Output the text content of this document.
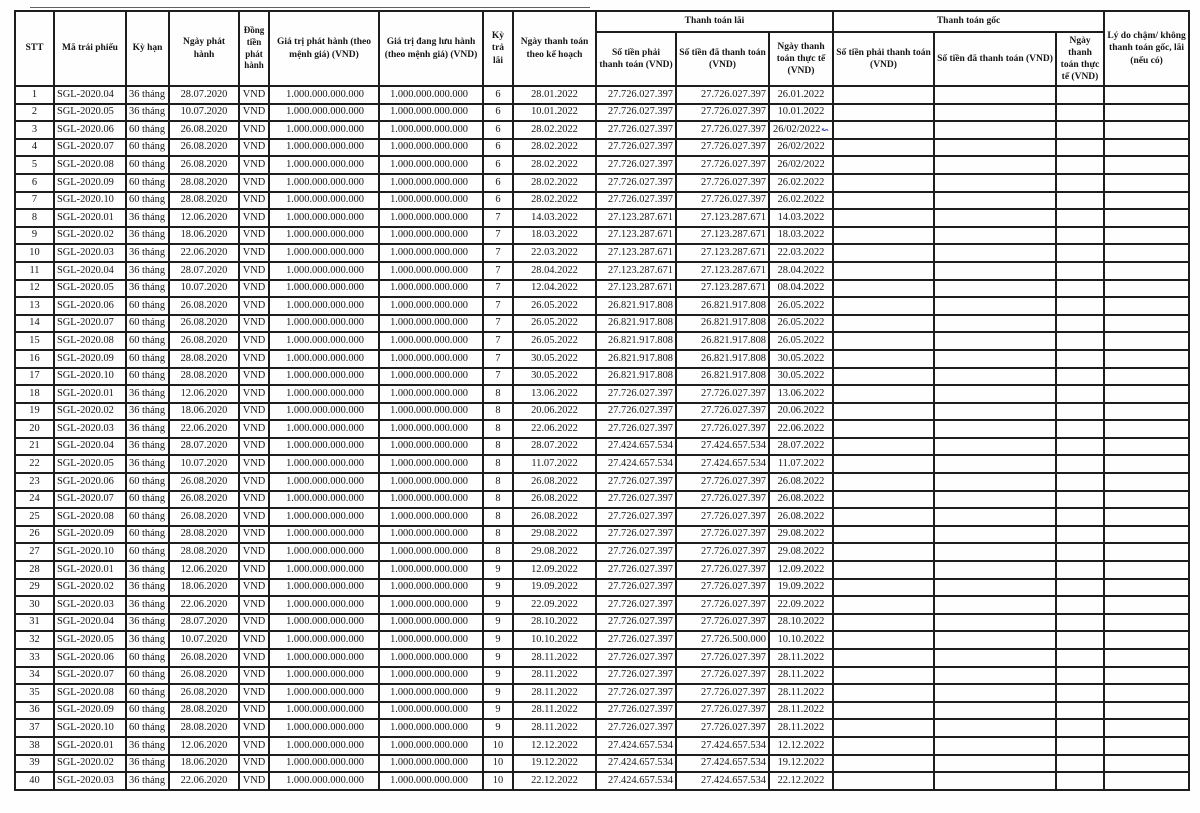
STT	Mã trái phiếu	Kỳ hạn	Ngày phát hành	Đồng tiền phát hành	Giá trị phát hành (theo mệnh giá) (VND)	Giá trị đang lưu hành (theo mệnh giá) (VND)	Kỳ trả lãi	Ngày thanh toán theo kế hoạch	Thanh toán lãi			Thanh toán gốc			Lý do chậm/ không thanh toán gốc, lãi (nếu có)
									Số tiền phải thanh toán (VND)	Số tiền đã thanh toán (VND)	Ngày thanh toán thực tế (VND)	Số tiền phải thanh toán (VND)	Số tiền đã thanh toán (VND)	Ngày thanh toán thực tế (VND)	
1	SGL-2020.04	36 tháng	28.07.2020	VND	1.000.000.000.000	1.000.000.000.000	6	28.01.2022	27.726.027.397	27.726.027.397	26.01.2022				
2	SGL-2020.05	36 tháng	10.07.2020	VND	1.000.000.000.000	1.000.000.000.000	6	10.01.2022	27.726.027.397	27.726.027.397	10.01.2022				
3	SGL-2020.06	60 tháng	26.08.2020	VND	1.000.000.000.000	1.000.000.000.000	6	28.02.2022	27.726.027.397	27.726.027.397	26/02/2022↜				
4	SGL-2020.07	60 tháng	26.08.2020	VND	1.000.000.000.000	1.000.000.000.000	6	28.02.2022	27.726.027.397	27.726.027.397	26/02/2022				
5	SGL-2020.08	60 tháng	26.08.2020	VND	1.000.000.000.000	1.000.000.000.000	6	28.02.2022	27.726.027.397	27.726.027.397	26/02/2022				
6	SGL-2020.09	60 tháng	28.08.2020	VND	1.000.000.000.000	1.000.000.000.000	6	28.02.2022	27.726.027.397	27.726.027.397	26.02.2022				
7	SGL-2020.10	60 tháng	28.08.2020	VND	1.000.000.000.000	1.000.000.000.000	6	28.02.2022	27.726.027.397	27.726.027.397	26.02.2022				
8	SGL-2020.01	36 tháng	12.06.2020	VND	1.000.000.000.000	1.000.000.000.000	7	14.03.2022	27.123.287.671	27.123.287.671	14.03.2022				
9	SGL-2020.02	36 tháng	18.06.2020	VND	1.000.000.000.000	1.000.000.000.000	7	18.03.2022	27.123.287.671	27.123.287.671	18.03.2022				
10	SGL-2020.03	36 tháng	22.06.2020	VND	1.000.000.000.000	1.000.000.000.000	7	22.03.2022	27.123.287.671	27.123.287.671	22.03.2022				
11	SGL-2020.04	36 tháng	28.07.2020	VND	1.000.000.000.000	1.000.000.000.000	7	28.04.2022	27.123.287.671	27.123.287.671	28.04.2022				
12	SGL-2020.05	36 tháng	10.07.2020	VND	1.000.000.000.000	1.000.000.000.000	7	12.04.2022	27.123.287.671	27.123.287.671	08.04.2022				
13	SGL-2020.06	60 tháng	26.08.2020	VND	1.000.000.000.000	1.000.000.000.000	7	26.05.2022	26.821.917.808	26.821.917.808	26.05.2022				
14	SGL-2020.07	60 tháng	26.08.2020	VND	1.000.000.000.000	1.000.000.000.000	7	26.05.2022	26.821.917.808	26.821.917.808	26.05.2022				
15	SGL-2020.08	60 tháng	26.08.2020	VND	1.000.000.000.000	1.000.000.000.000	7	26.05.2022	26.821.917.808	26.821.917.808	26.05.2022				
16	SGL-2020.09	60 tháng	28.08.2020	VND	1.000.000.000.000	1.000.000.000.000	7	30.05.2022	26.821.917.808	26.821.917.808	30.05.2022				
17	SGL-2020.10	60 tháng	28.08.2020	VND	1.000.000.000.000	1.000.000.000.000	7	30.05.2022	26.821.917.808	26.821.917.808	30.05.2022				
18	SGL-2020.01	36 tháng	12.06.2020	VND	1.000.000.000.000	1.000.000.000.000	8	13.06.2022	27.726.027.397	27.726.027.397	13.06.2022				
19	SGL-2020.02	36 tháng	18.06.2020	VND	1.000.000.000.000	1.000.000.000.000	8	20.06.2022	27.726.027.397	27.726.027.397	20.06.2022				
20	SGL-2020.03	36 tháng	22.06.2020	VND	1.000.000.000.000	1.000.000.000.000	8	22.06.2022	27.726.027.397	27.726.027.397	22.06.2022				
21	SGL-2020.04	36 tháng	28.07.2020	VND	1.000.000.000.000	1.000.000.000.000	8	28.07.2022	27.424.657.534	27.424.657.534	28.07.2022				
22	SGL-2020.05	36 tháng	10.07.2020	VND	1.000.000.000.000	1.000.000.000.000	8	11.07.2022	27.424.657.534	27.424.657.534	11.07.2022				
23	SGL-2020.06	60 tháng	26.08.2020	VND	1.000.000.000.000	1.000.000.000.000	8	26.08.2022	27.726.027.397	27.726.027.397	26.08.2022				
24	SGL-2020.07	60 tháng	26.08.2020	VND	1.000.000.000.000	1.000.000.000.000	8	26.08.2022	27.726.027.397	27.726.027.397	26.08.2022				
25	SGL-2020.08	60 tháng	26.08.2020	VND	1.000.000.000.000	1.000.000.000.000	8	26.08.2022	27.726.027.397	27.726.027.397	26.08.2022				
26	SGL-2020.09	60 tháng	28.08.2020	VND	1.000.000.000.000	1.000.000.000.000	8	29.08.2022	27.726.027.397	27.726.027.397	29.08.2022				
27	SGL-2020.10	60 tháng	28.08.2020	VND	1.000.000.000.000	1.000.000.000.000	8	29.08.2022	27.726.027.397	27.726.027.397	29.08.2022				
28	SGL-2020.01	36 tháng	12.06.2020	VND	1.000.000.000.000	1.000.000.000.000	9	12.09.2022	27.726.027.397	27.726.027.397	12.09.2022				
29	SGL-2020.02	36 tháng	18.06.2020	VND	1.000.000.000.000	1.000.000.000.000	9	19.09.2022	27.726.027.397	27.726.027.397	19.09.2022				
30	SGL-2020.03	36 tháng	22.06.2020	VND	1.000.000.000.000	1.000.000.000.000	9	22.09.2022	27.726.027.397	27.726.027.397	22.09.2022				
31	SGL-2020.04	36 tháng	28.07.2020	VND	1.000.000.000.000	1.000.000.000.000	9	28.10.2022	27.726.027.397	27.726.027.397	28.10.2022				
32	SGL-2020.05	36 tháng	10.07.2020	VND	1.000.000.000.000	1.000.000.000.000	9	10.10.2022	27.726.027.397	27.726.500.000	10.10.2022				
33	SGL-2020.06	60 tháng	26.08.2020	VND	1.000.000.000.000	1.000.000.000.000	9	28.11.2022	27.726.027.397	27.726.027.397	28.11.2022				
34	SGL-2020.07	60 tháng	26.08.2020	VND	1.000.000.000.000	1.000.000.000.000	9	28.11.2022	27.726.027.397	27.726.027.397	28.11.2022				
35	SGL-2020.08	60 tháng	26.08.2020	VND	1.000.000.000.000	1.000.000.000.000	9	28.11.2022	27.726.027.397	27.726.027.397	28.11.2022				
36	SGL-2020.09	60 tháng	28.08.2020	VND	1.000.000.000.000	1.000.000.000.000	9	28.11.2022	27.726.027.397	27.726.027.397	28.11.2022				
37	SGL-2020.10	60 tháng	28.08.2020	VND	1.000.000.000.000	1.000.000.000.000	9	28.11.2022	27.726.027.397	27.726.027.397	28.11.2022				
38	SGL-2020.01	36 tháng	12.06.2020	VND	1.000.000.000.000	1.000.000.000.000	10	12.12.2022	27.424.657.534	27.424.657.534	12.12.2022				
39	SGL-2020.02	36 tháng	18.06.2020	VND	1.000.000.000.000	1.000.000.000.000	10	19.12.2022	27.424.657.534	27.424.657.534	19.12.2022				
40	SGL-2020.03	36 tháng	22.06.2020	VND	1.000.000.000.000	1.000.000.000.000	10	22.12.2022	27.424.657.534	27.424.657.534	22.12.2022				
